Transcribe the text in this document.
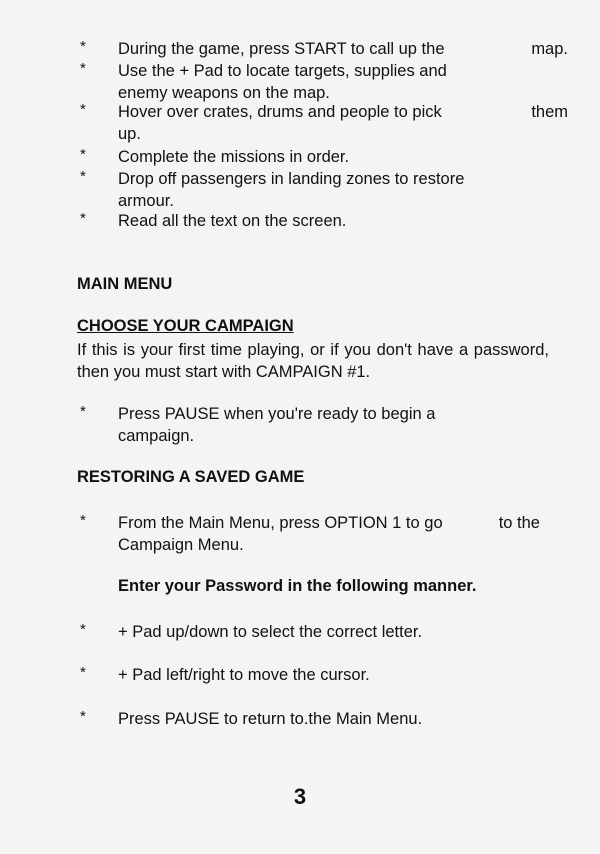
* During the game, press START to call up the	map.
* Use the + Pad to locate targets, supplies and
enemy weapons on the map.
* Hover over crates, drums and people to pick	them
up.
* Complete the missions in order.
* Drop off passengers in landing zones to restore
armour.
* Read all the text on the screen.
MAIN MENU
CHOOSE YOUR CAMPAIGN
If this is your first time playing, or if you don't have a password, then you must start with CAMPAIGN #1.
* Press PAUSE when you're ready to begin a
campaign.
RESTORING A SAVED GAME
* From the Main Menu, press OPTION 1 to go	to the
Campaign Menu.
Enter your Password in the following manner.
* + Pad up/down to select the correct letter.
* + Pad left/right to move the cursor.
* Press PAUSE to return to.the Main Menu.
3
